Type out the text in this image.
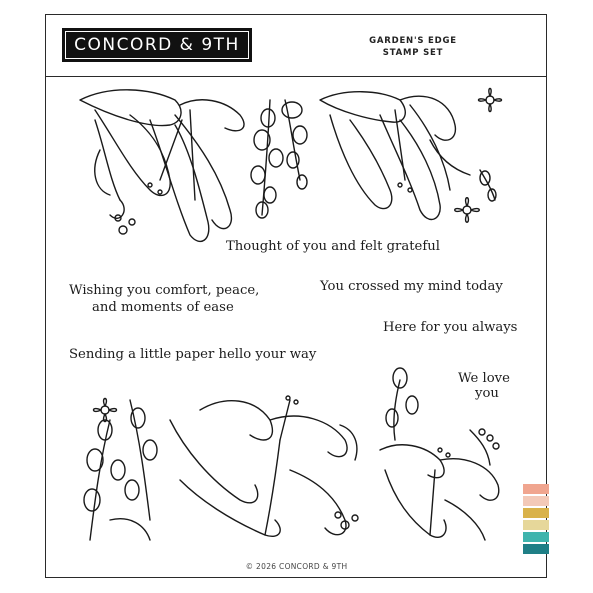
CONCORD & 9TH	GARDEN'S EDGE
STAMP SET
Thought of you and felt grateful
Wishing you comfort, peace,
and moments of ease
You crossed my mind today
Here for you always
Sending a little paper hello your way
We love
you
© 2026 CONCORD & 9TH
